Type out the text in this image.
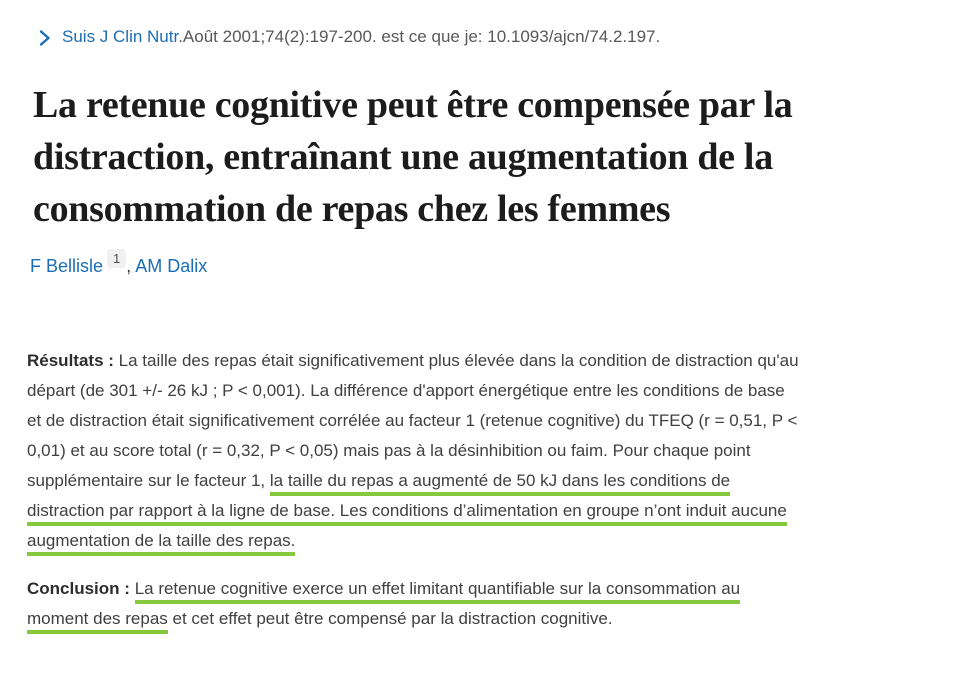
Suis J Clin Nutr.Août 2001;74(2):197-200. est ce que je: 10.1093/ajcn/74.2.197.
La retenue cognitive peut être compensée par la
distraction, entraînant une augmentation de la
consommation de repas chez les femmes
F Bellisle 1 , AM Dalix
Résultats : La taille des repas était significativement plus élevée dans la condition de distraction qu'au
départ (de 301 +/- 26 kJ ; P < 0,001). La différence d'apport énergétique entre les conditions de base
et de distraction était significativement corrélée au facteur 1 (retenue cognitive) du TFEQ (r = 0,51, P <
0,01) et au score total (r = 0,32, P < 0,05) mais pas à la désinhibition ou faim. Pour chaque point
supplémentaire sur le facteur 1, la taille du repas a augmenté de 50 kJ dans les conditions de
distraction par rapport à la ligne de base. Les conditions d’alimentation en groupe n’ont induit aucune
augmentation de la taille des repas.
Conclusion : La retenue cognitive exerce un effet limitant quantifiable sur la consommation au
moment des repas et cet effet peut être compensé par la distraction cognitive.
